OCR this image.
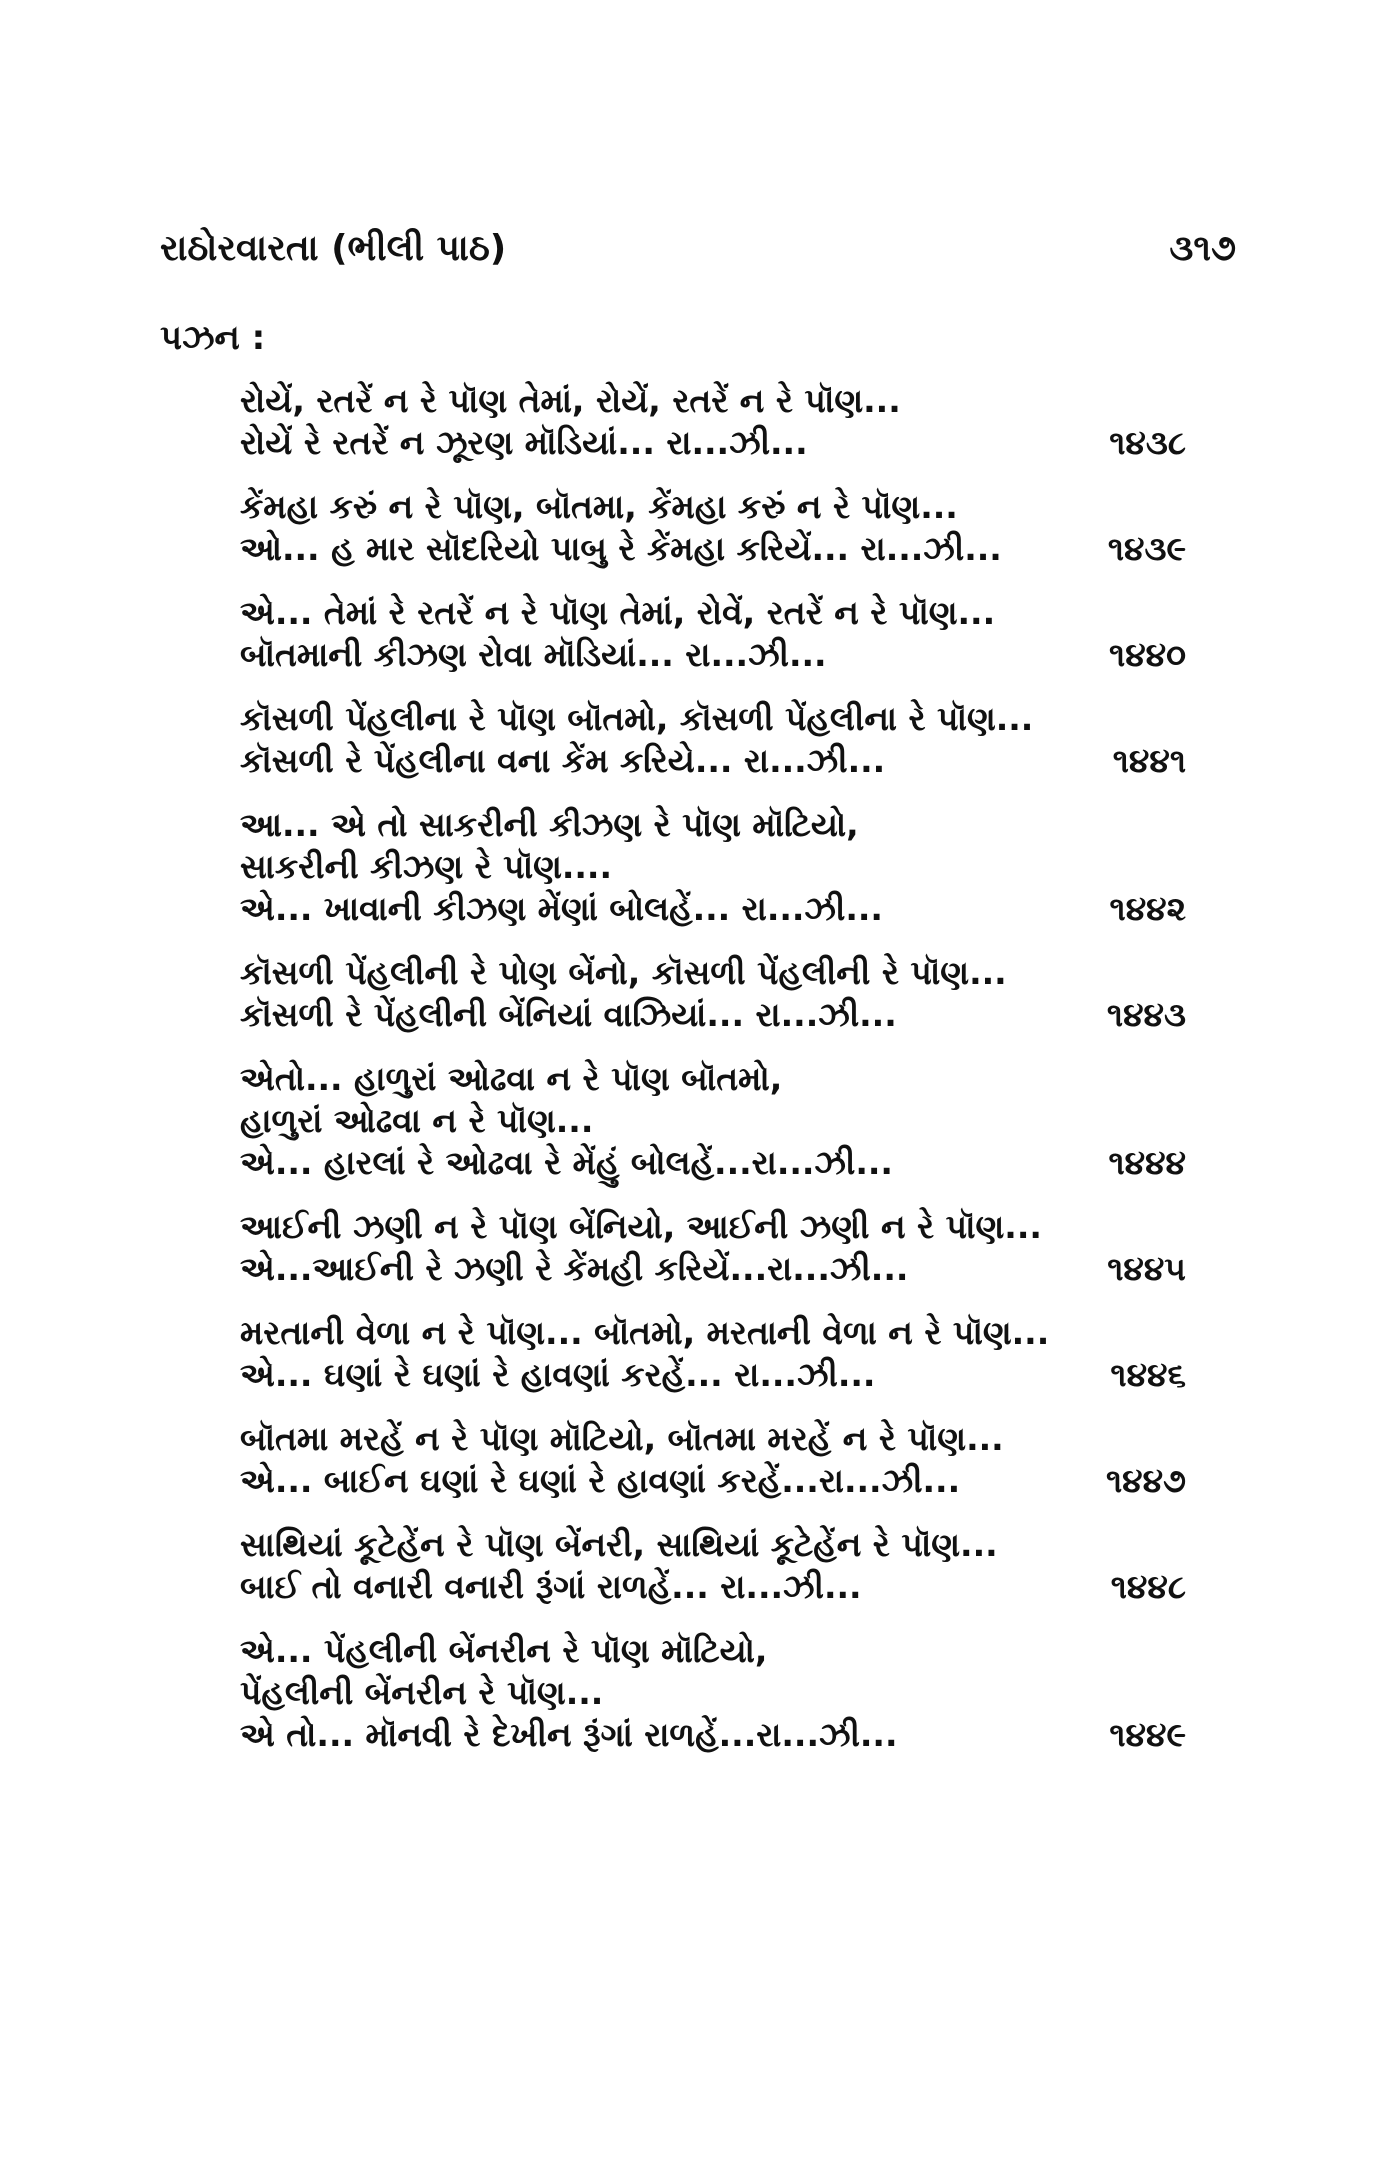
રાઠોરવારતા (ભીલી પાઠ)	૩૧૭
પઝન :
રોયેં, રતરેં ન રે પૉણ તેમાં, રોયેં, રતરેં ન રે પૉણ...
રોયેં રે રતરેં ન ઝૂરણ મૉડિયાં... રા...ઝી...	૧૪૩૮
કેંમહા કરું ન રે પૉણ, બૉતમા, કેંમહા કરું ન રે પૉણ...
ઓ... હ માર સૉદરિયો પાબુ રે કેંમહા કરિયેં... રા...ઝી...	૧૪૩૯
એ... તેમાં રે રતરેં ન રે પૉણ તેમાં, રોવેં, રતરેં ન રે પૉણ...
બૉતમાની કીઝણ રોવા મૉડિયાં... રા...ઝી...	૧૪૪૦
કૉસળી પેંહલીના રે પૉણ બૉતમો, કૉસળી પેંહલીના રે પૉણ...
કૉસળી રે પેંહલીના વના કેંમ કરિયે... રા...ઝી...	૧૪૪૧
આ... એ તો સાકરીની કીઝણ રે પૉણ મૉટિયો,
સાકરીની કીઝણ રે પૉણ....
એ... ખાવાની કીઝણ મેંણાં બોલહેં... રા...ઝી...	૧૪૪૨
કૉસળી પેંહલીની રે પોણ બેંનો, કૉસળી પેંહલીની રે પૉણ...
કૉસળી રે પેંહલીની બેંનિયાં વાઝિયાં... રા...ઝી...	૧૪૪૩
એતો... હાળુરાં ઓઢવા ન રે પૉણ બૉતમો,
હાળુરાં ઓઢવા ન રે પૉણ...
એ... હારલાં રે ઓઢવા રે મેંહું બોલહેં...રા...ઝી...	૧૪૪૪
આઈની ઝણી ન રે પૉણ બેંનિયો, આઈની ઝણી ન રે પૉણ...
એ...આઈની રે ઝણી રે કેંમહી કરિયેં...રા...ઝી...	૧૪૪૫
મરતાની વેળા ન રે પૉણ... બૉતમો, મરતાની વેળા ન રે પૉણ...
એ... ઘણાં રે ઘણાં રે હાવણાં કરહેં... રા...ઝી...	૧૪૪૬
બૉતમા મરહેં ન રે પૉણ મૉટિયો, બૉતમા મરહેં ન રે પૉણ...
એ... બાઈન ઘણાં રે ઘણાં રે હાવણાં કરહેં...રા...ઝી...	૧૪૪૭
સાથિયાં કૂટેહેંન રે પૉણ બેંનરી, સાથિયાં કૂટેહેંન રે પૉણ...
બાઈ તો વનારી વનારી રૂંગાં રાળહેં... રા...ઝી...	૧૪૪૮
એ... પેંહલીની બેંનરીન રે પૉણ મૉટિયો,
પેંહલીની બેંનરીન રે પૉણ...
એ તો... મૉનવી રે દેખીન રૂંગાં રાળહેં...રા...ઝી...	૧૪૪૯
